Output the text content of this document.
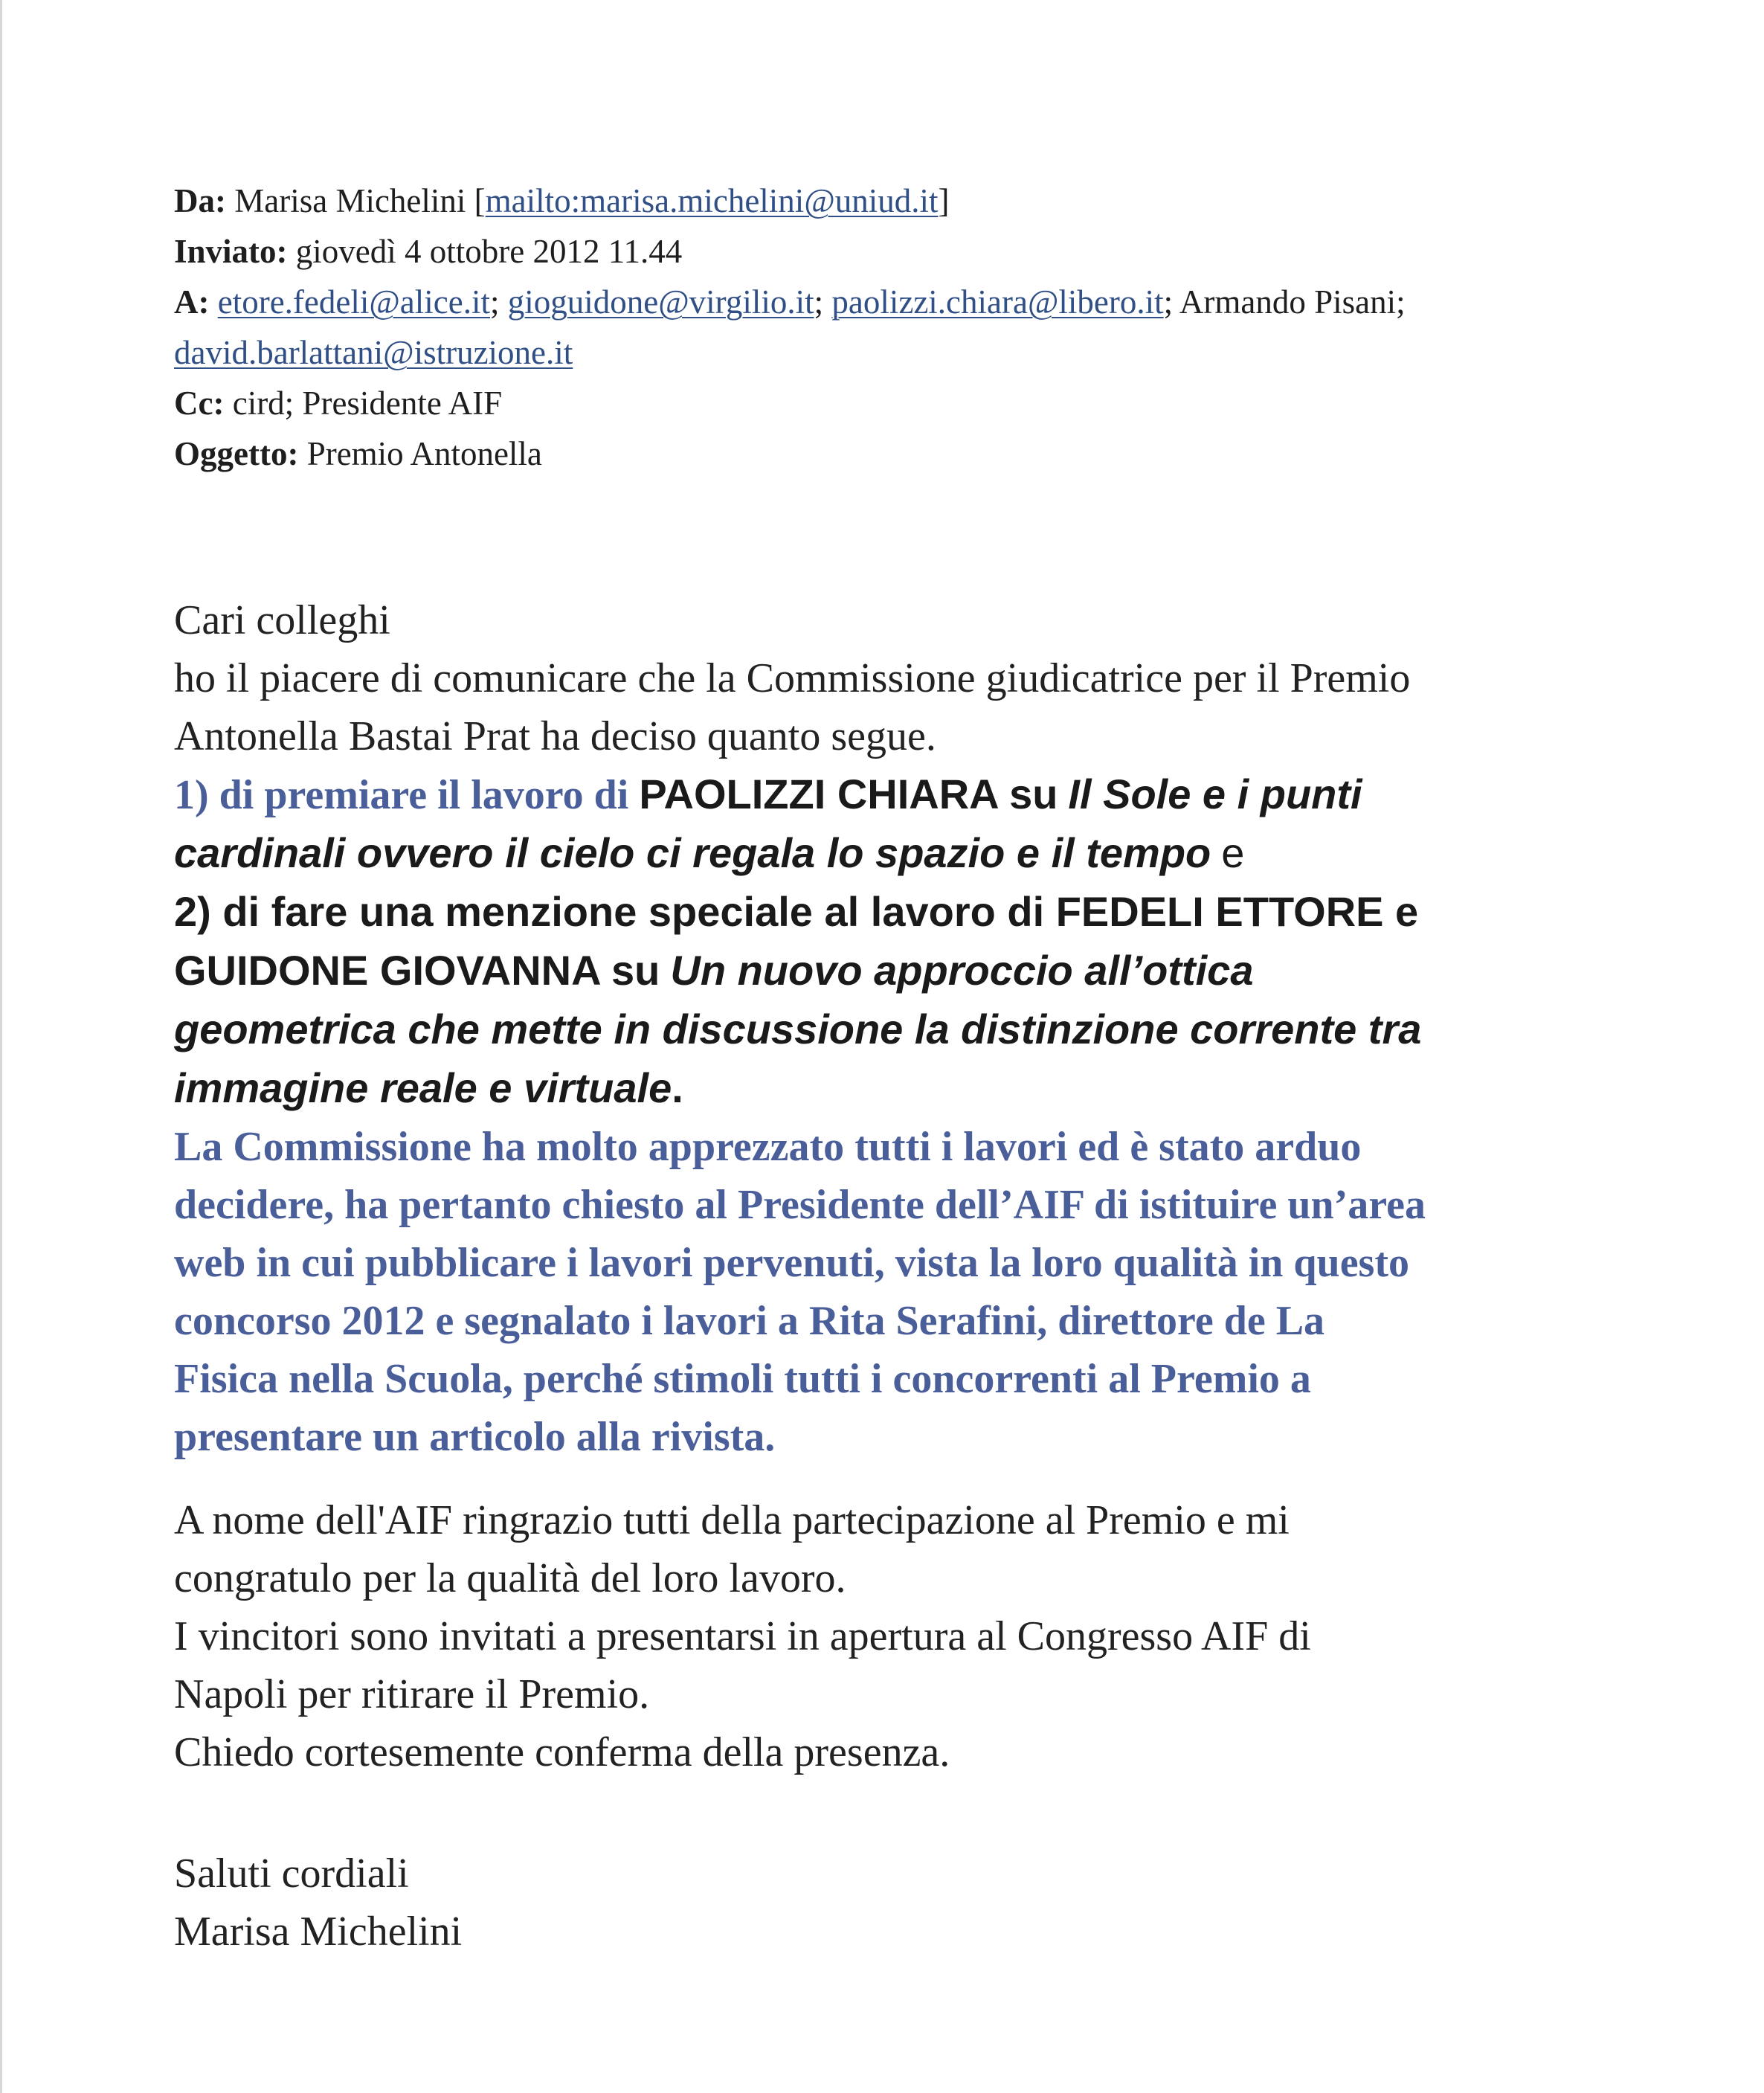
Da: Marisa Michelini [mailto:marisa.michelini@uniud.it]
Inviato: giovedì 4 ottobre 2012 11.44
A: etore.fedeli@alice.it; gioguidone@virgilio.it; paolizzi.chiara@libero.it; Armando Pisani;
david.barlattani@istruzione.it
Cc: cird; Presidente AIF
Oggetto: Premio Antonella
Cari colleghi
ho il piacere di comunicare che la Commissione giudicatrice per il Premio
Antonella Bastai Prat ha deciso quanto segue.
1) di premiare il lavoro di PAOLIZZI CHIARA su Il Sole e i punti
cardinali ovvero il cielo ci regala lo spazio e il tempo e
2) di fare una menzione speciale al lavoro di FEDELI ETTORE e
GUIDONE GIOVANNA su Un nuovo approccio all’ottica
geometrica che mette in discussione la distinzione corrente tra
immagine reale e virtuale.
La Commissione ha molto apprezzato tutti i lavori ed è stato arduo
decidere, ha pertanto chiesto al Presidente dell’AIF di istituire un’area
web in cui pubblicare i lavori pervenuti, vista la loro qualità in questo
concorso 2012 e segnalato i lavori a Rita Serafini, direttore de La
Fisica nella Scuola, perché stimoli tutti i concorrenti al Premio a
presentare un articolo alla rivista.
A nome dell'AIF ringrazio tutti della partecipazione al Premio e mi
congratulo per la qualità del loro lavoro.
I vincitori sono invitati a presentarsi in apertura al Congresso AIF di
Napoli per ritirare il Premio.
Chiedo cortesemente conferma della presenza.
Saluti cordiali
Marisa Michelini
